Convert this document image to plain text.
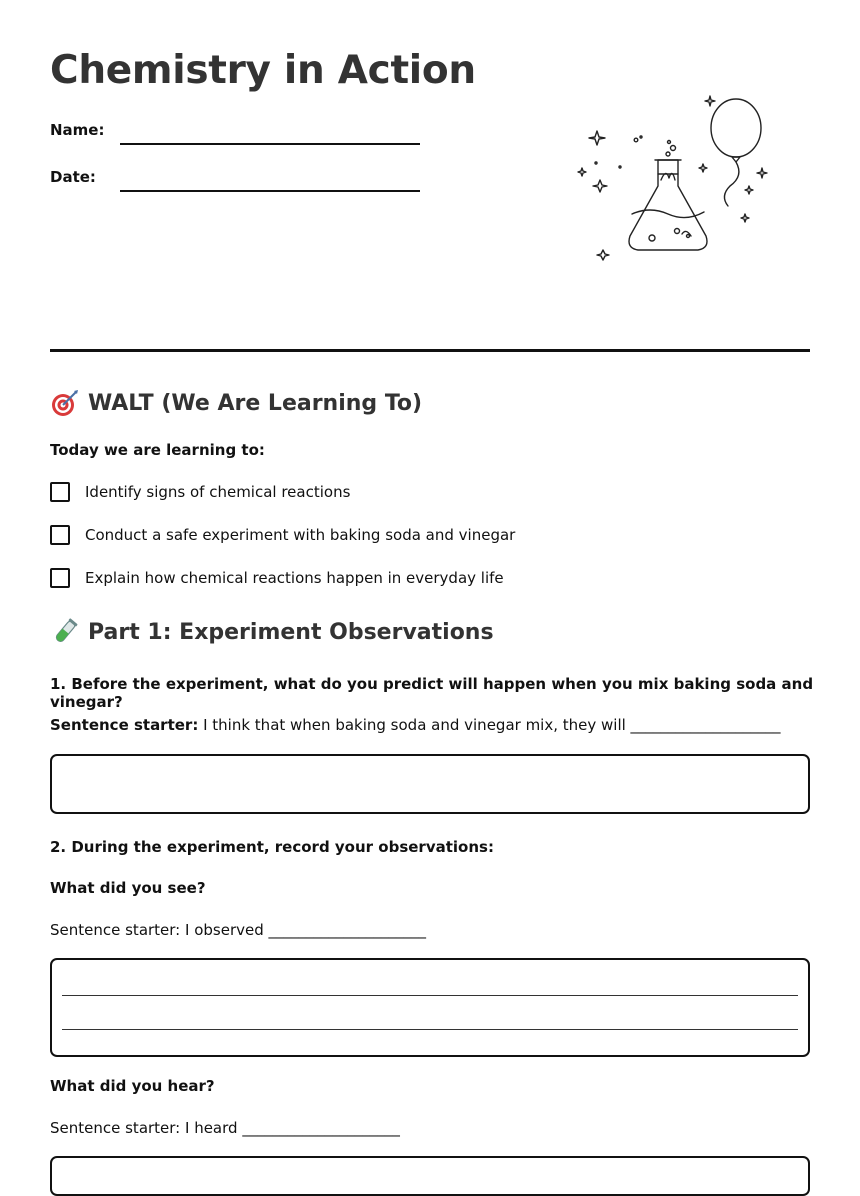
Chemistry in Action
Name:
Date:
WALT (We Are Learning To)
Today we are learning to:
Identify signs of chemical reactions
Conduct a safe experiment with baking soda and vinegar
Explain how chemical reactions happen in everyday life
Part 1: Experiment Observations
1. Before the experiment, what do you predict will happen when you mix baking soda and vinegar?
Sentence starter: I think that when baking soda and vinegar mix, they will ____________________
2. During the experiment, record your observations:
What did you see?
Sentence starter: I observed _____________________
What did you hear?
Sentence starter: I heard _____________________
